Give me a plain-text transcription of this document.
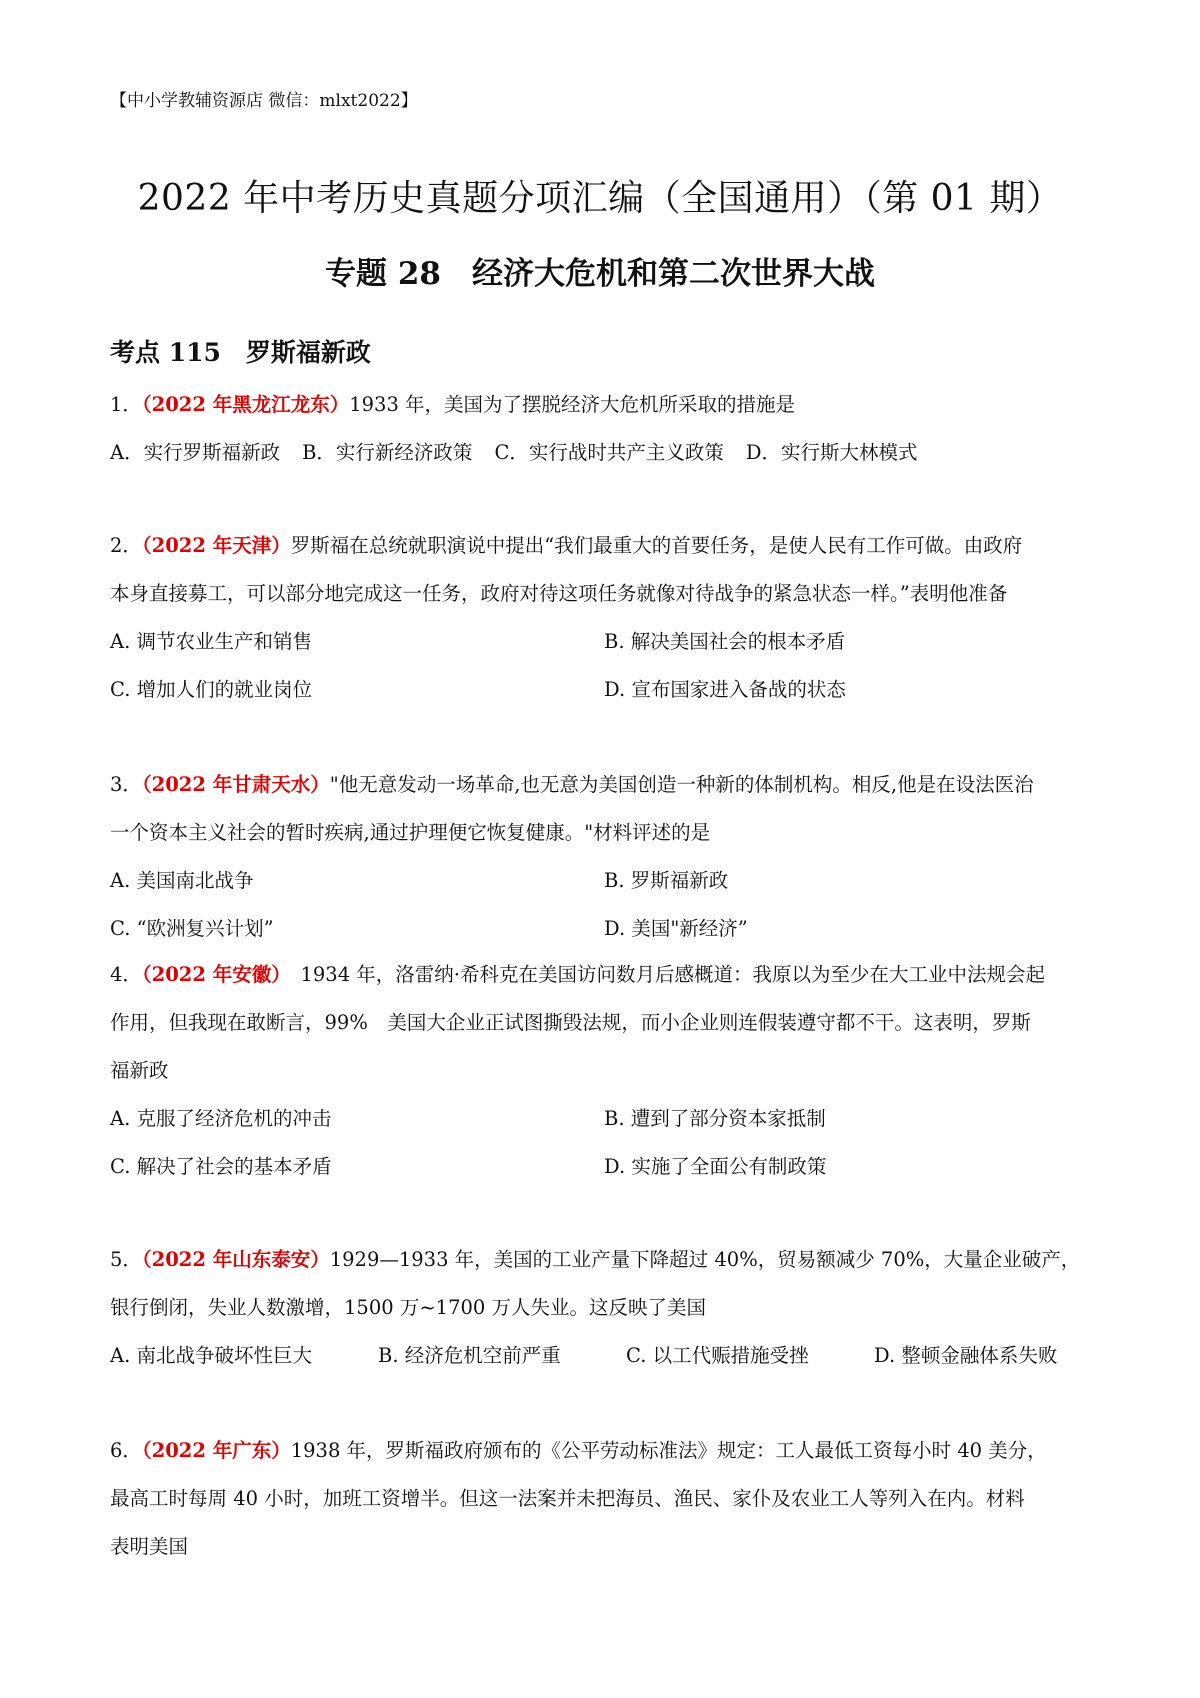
【中小学教辅资源店 微信：mlxt2022】
2022 年中考历史真题分项汇编（全国通用）（第 01 期）
专题 28　经济大危机和第二次世界大战
考点 115　罗斯福新政
1．（2022 年黑龙江龙东）1933 年，美国为了摆脱经济大危机所采取的措施是
A．实行罗斯福新政 B．实行新经济政策 C．实行战时共产主义政策 D．实行斯大林模式
2．（2022 年天津）罗斯福在总统就职演说中提出“我们最重大的首要任务，是使人民有工作可做。由政府
本身直接募工，可以部分地完成这一任务，政府对待这项任务就像对待战争的紧急状态一样。”表明他准备
A. 调节农业生产和销售	B. 解决美国社会的根本矛盾
C. 增加人们的就业岗位	D. 宣布国家进入备战的状态
3．（2022 年甘肃天水）"他无意发动一场革命,也无意为美国创造一种新的体制机构。相反,他是在设法医治
一个资本主义社会的暂时疾病,通过护理便它恢复健康。"材料评述的是
A. 美国南北战争	B. 罗斯福新政
C. “欧洲复兴计划”	D. 美国"新经济”
4．（2022 年安徽）　1934 年，洛雷纳·希科克在美国访问数月后感概道：我原以为至少在大工业中法规会起
作用，但我现在敢断言，99%　美国大企业正试图撕毁法规，而小企业则连假装遵守都不干。这表明，罗斯
福新政
A. 克服了经济危机的冲击	B. 遭到了部分资本家抵制
C. 解决了社会的基本矛盾	D. 实施了全面公有制政策
5．（2022 年山东泰安）1929—1933 年，美国的工业产量下降超过 40%，贸易额减少 70%，大量企业破产，
银行倒闭，失业人数激增，1500 万~1700 万人失业。这反映了美国
A. 南北战争破坏性巨大	B. 经济危机空前严重	C. 以工代赈措施受挫	D. 整顿金融体系失败
6．（2022 年广东）1938 年，罗斯福政府颁布的《公平劳动标准法》规定：工人最低工资每小时 40 美分，
最高工时每周 40 小时，加班工资增半。但这一法案并未把海员、渔民、家仆及农业工人等列入在内。材料
表明美国
